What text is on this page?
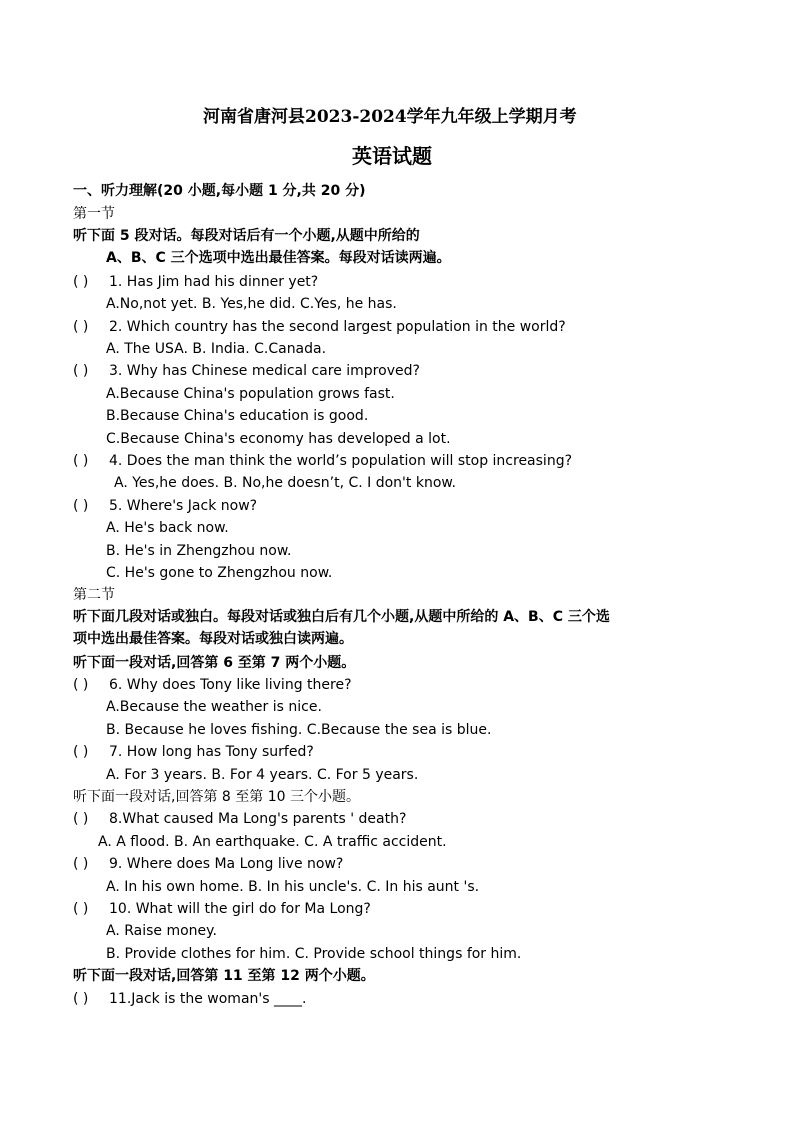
河南省唐河县2023-2024学年九年级上学期月考
英语试题
一、听力理解(20 小题,每小题 1 分,共 20 分)
第一节
听下面 5 段对话。每段对话后有一个小题,从题中所给的
A、B、C 三个选项中选出最佳答案。每段对话读两遍。
( ) 1. Has Jim had his dinner yet?
A.No,not yet. B. Yes,he did. C.Yes, he has.
( ) 2. Which country has the second largest population in the world?
A. The USA. B. India. C.Canada.
( ) 3. Why has Chinese medical care improved?
A.Because China's population grows fast.
B.Because China's education is good.
C.Because China's economy has developed a lot.
( ) 4. Does the man think the world’s population will stop increasing?
A. Yes,he does. B. No,he doesn’t, C. I don't know.
( ) 5. Where's Jack now?
A. He's back now.
B. He's in Zhengzhou now.
C. He's gone to Zhengzhou now.
第二节
听下面几段对话或独白。每段对话或独白后有几个小题,从题中所给的 A、B、C 三个选
项中选出最佳答案。每段对话或独白读两遍。
听下面一段对话,回答第 6 至第 7 两个小题。
( ) 6. Why does Tony like living there?
A.Because the weather is nice.
B. Because he loves fishing. C.Because the sea is blue.
( ) 7. How long has Tony surfed?
A. For 3 years. B. For 4 years. C. For 5 years.
听下面一段对话,回答第 8 至第 10 三个小题。
( ) 8.What caused Ma Long's parents ' death?
A. A flood. B. An earthquake. C. A traffic accident.
( ) 9. Where does Ma Long live now?
A. In his own home. B. In his uncle's. C. In his aunt 's.
( ) 10. What will the girl do for Ma Long?
A. Raise money.
B. Provide clothes for him. C. Provide school things for him.
听下面一段对话,回答第 11 至第 12 两个小题。
( ) 11.Jack is the woman's ____.
